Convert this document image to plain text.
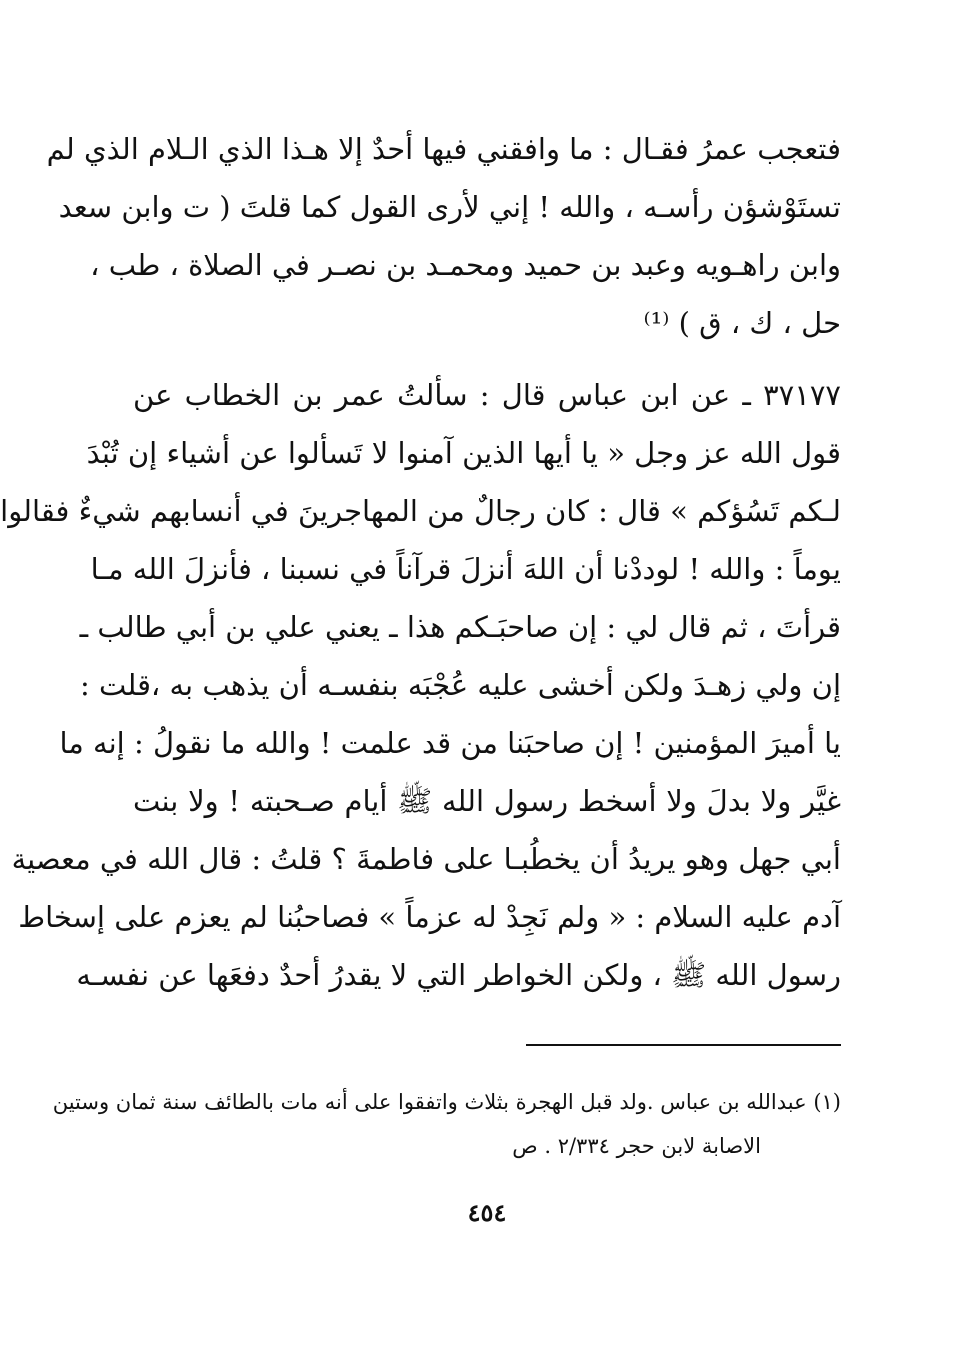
فتعجب عمرُ فقـال : ما وافقني فيها أحدٌ إلا هـذا الذي الـلام الذي لم
تستَوْشؤن رأسـه ، والله ! إني لأرى القول كما قلتَ ( ت وابن سعد
وابن راهـويه وعبد بن حميد ومحمـد بن نصـر في الصلاة ، طب ،
حل ، ك ، ق ) ⁽¹⁾
٣٧١٧٧ ـ عن ابن عباس قال : سألتُ عمر بن الخطاب عن
قول الله عز وجل « يا أيها الذين آمنوا لا تَسألوا عن أشياء إن تُبْدَ
لـكم تَسُؤكم » قال : كان رجالٌ من المهاجرينَ في أنسابهم شيءٌ فقالوا
يوماً : والله ! لوددْنا أن اللهَ أنزلَ قرآناً في نسبنا ، فأنزلَ الله مـا
قرأتَ ، ثم قال لي : إن صاحبَـكم هذا ـ يعني علي بن أبي طالب ـ
إن ولي زهـدَ ولكن أخشى عليه عُجْبَه بنفسـه أن يذهب به ،قلت :
يا أميرَ المؤمنين ! إن صاحبَنا من قد علمت ! والله ما نقولُ : إنه ما
غيَّر ولا بدلَ ولا أسخط رسول الله ﷺ أيام صـحبته ! ولا بنت
أبي جهل وهو يريدُ أن يخطُبـا على فاطمةَ ؟ قلتُ : قال الله في معصية
آدم عليه السلام : « ولم نَجِدْ له عزماً » فصاحبُنا لم يعزم على إسخاط
رسول الله ﷺ ، ولكن الخواطر التي لا يقدرُ أحدٌ دفعَها عن نفسـه
(١) عبدالله بن عباس .ولد قبل الهجرة بثلاث واتفقوا على أنه مات بالطائف سنة ثمان وستين
الاصابة لابن حجر ٢/٣٣٤ . ص
٤٥٤
